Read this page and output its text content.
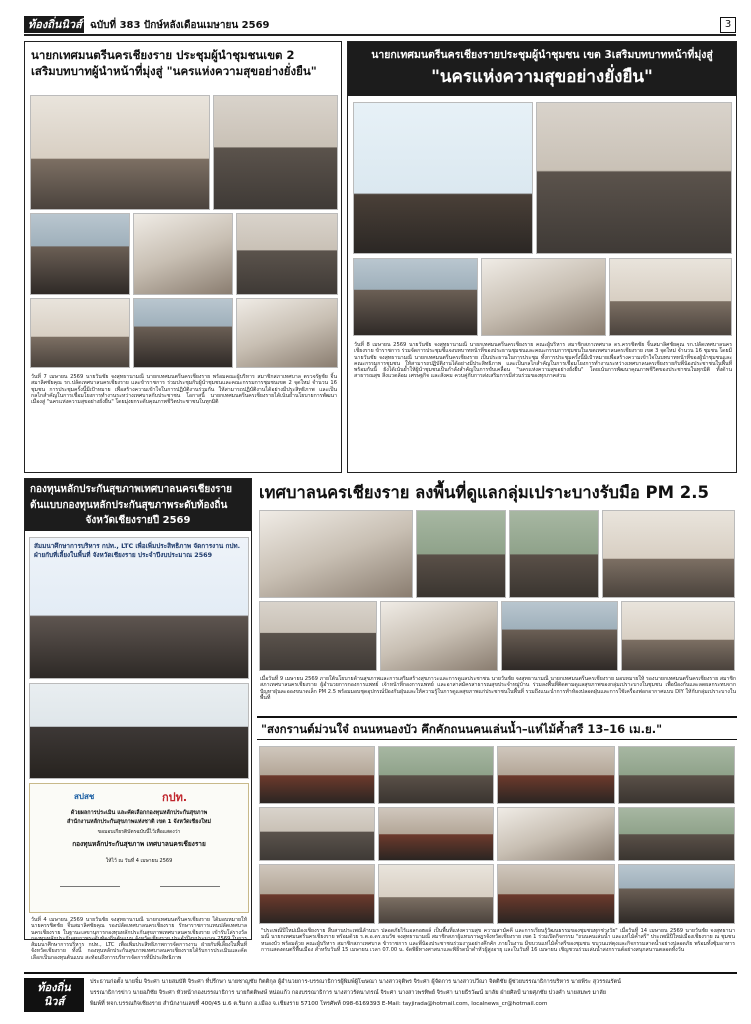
ท้องถิ่นนิวส์ ฉบับที่ 383 ปักษ์หลังเดือนเมษายน 2569	3
นายกเทศมนตรีนครเชียงราย ประชุมผู้นำชุมชนเขต 2
เสริมบทบาทผู้นำหน้าที่มุ่งสู่ "นครแห่งความสุขอย่างยั่งยืน"
วันที่ 7 เมษายน 2569 นายวันชัย จงสุทธานามณี นายกเทศมนตรีนครเชียงราย พร้อมคณะผู้บริหาร สมาชิกสภาเทศบาล ตรวจรัฐชัย จิ้นสมาลิศชัยคุณ รก.ปลัดเทศบาลนครเชียงราย และข้าราชการ ร่วมประชุมกับผู้นำชุมชนและคณะกรรมการชุมชนเขต 2 จุดใหม่ จำนวน 16 ชุมชน การประชุมครั้งนี้มีเป้าหมาย เพื่อสร้างความเข้าใจในการปฏิบัติงานร่วมกัน ให้สามารถปฏิบัติงานได้อย่างมีประสิทธิภาพ และเป็นกลไกสำคัญในการเชื่อมโยงการทำงานระหว่างเทศบาลกับประชาชน โอกาสนี้ นายกเทศมนตรีนครเชียงรายได้เน้นย้ำนโยบายการพัฒนาเมืองสู่ "นครแห่งความสุขอย่างยั่งยืน" โดยมุ่งยกระดับคุณภาพชีวิตประชาชนในทุกมิติ
นายกเทศมนตรีนครเชียงรายประชุมผู้นำชุมชน เขต 3เสริมบทบาทหน้าที่มุ่งสู่
"นครแห่งความสุขอย่างยั่งยืน"
วันที่ 8 เมษายน 2569 นายวันชัย จงสุทธานามณี นายกเทศมนตรีนครเชียงราย คณะผู้บริหาร สมาชิกสภาเทศบาล ดร.ครรชิตชัย จิ้นสมาลิศชัยคุณ รก.ปลัดเทศบาลนครเชียงราย ข้าราชการ ร่วมจัดการประชุมชี้แจงบทบาทหน้าที่ของประธานชุมชนและคณะกรรมการชุมชนในเขตเทศบาลนครเชียงราย เขต 3 จุดใหม่ จำนวน 16 ชุมชน โดยมี นายวันชัย จงสุทธานามณี นายกเทศมนตรีนครเชียงราย เป็นประธานในการประชุม ทั้งการประชุมครั้งนี้มีเป้าหมายเพื่อสร้างความเข้าใจในบทบาทหน้าที่ของผู้นำชุมชนและคณะกรรมการชุมชน ให้สามารถปฏิบัติงานได้อย่างมีประสิทธิภาพ และเป็นกลไกสำคัญในการเชื่อมโยงการทำงานระหว่างเทศบาลนครเชียงรายกับพี่น้องประชาชนในพื้นที่ พร้อมกันนี้ ยังได้เน้นย้ำให้ผู้นำชุมชนเป็นกำลังสำคัญในการขับเคลื่อน "นครแห่งความสุขอย่างยั่งยืน" โดยเน้นการพัฒนาคุณภาพชีวิตของประชาชนในทุกมิติ ทั้งด้านสาธารณสุข สิ่งแวดล้อม เศรษฐกิจ และสังคม ควบคู่กับการส่งเสริมการมีส่วนร่วมของทุกภาคส่วน
กองทุนหลักประกันสุขภาพเทศบาลนครเชียงราย
ต้นแบบกองทุนหลักประกันสุขภาพระดับท้องถิ่น
จังหวัดเชียงรายปี 2569
สัมมนาศึกษาการบริหาร กปท., LTC เพื่อเพิ่มประสิทธิภาพ จัดการงาน กปท. ฝ่ายกับที่เลี้ยงในพื้นที่ จังหวัดเชียงราย ประจำปีงบประมาณ 2569
สปสช	กปท.
ด้วยผลการประเมิน และคัดเลือกกองทุนหลักประกันสุขภาพ
สำนักงานหลักประกันสุขภาพแห่งชาติ เขต 1 จังหวัดเชียงใหม่
ขอมอบเกียรติบัตรฉบับนี้ไว้เพื่อแสดงว่า
กองทุนหลักประกันสุขภาพ เทศบาลนครเชียงราย
ให้ไว้ ณ วันที่ 4 เมษายน 2569
วันที่ 4 เมษายน 2569 นายวันชัย จงสุทธานามณี นายกเทศมนตรีนครเชียงราย ได้มอบหมายให้ นายครรชิตชัย จิ้นสมาลิศชัยคุณ รองปลัดเทศบาลนครเชียงราย รักษาราชการแทนปลัดเทศบาลนครเชียงราย ในฐานะเลขานุการกองทุนหลักประกันสุขภาพเทศบาลนครเชียงราย เข้ารับโล่รางวัลกองทุนหลักประกันสุขภาพระดับท้องถิ่นต้นแบบ จังหวัดเชียงราย ประจำปีงบประมาณ 2569 ในการสัมมนาศึกษาการบริหาร กปท., LTC เพื่อเพิ่มประสิทธิภาพการจัดการงาน ฝ่ายกับพี่เลี้ยงในพื้นที่ จังหวัดเชียงราย ทั้งนี้ กองทุนหลักประกันสุขภาพเทศบาลนครเชียงรายได้รับการประเมินและคัดเลือกเป็นกองทุนต้นแบบ สะท้อนถึงการบริหารจัดการที่มีประสิทธิภาพ
เทศบาลนครเชียงราย ลงพื้นที่ดูแลกลุ่มเปราะบางรับมือ PM 2.5
เมื่อวันที่ 9 เมษายน 2569 ภายใต้นโยบายด้านสุขภาพและการเสริมสร้างสุขภาวะและการดูแลประชาชน นายวันชัย จงสุทธานามณี นายกเทศมนตรีนครเชียงราย มอบหมายให้ รองนายกเทศมนตรีนครเชียงราย สมาชิกสภาเทศบาลนครเชียงราย ผู้อำนวยการกองการแพทย์ เจ้าหน้าที่กองการแพทย์ และอาสาสมัครสาธารณสุขประจำหมู่บ้าน ร่วมลงพื้นที่ติดตามดูแลสุขภาพของกลุ่มเปราะบางในชุมชน เพื่อป้องกันและลดผลกระทบจากปัญหาฝุ่นละอองขนาดเล็ก PM 2.5 พร้อมมอบชุดอุปกรณ์ป้องกันฝุ่นและให้ความรู้ในการดูแลสุขภาพแก่ประชาชนในพื้นที่ รวมถึงแนะนำการทำห้องปลอดฝุ่นและการใช้เครื่องฟอกอากาศแบบ DIY ให้กับกลุ่มเปราะบางในพื้นที่
"สงกรานต์ม่วนใจ๋ ถนนหนองบัว คึกคักถนนคนเล่นน้ำ–แห่ไม้ค้ำสรี 13–16 เม.ย."
"ประเพณีปีใหม่เมืองเชียงราย สืบสานประเพณีล้านนา ปลอดภัยไร้แอลกอฮอล์ เป็นพื้นที่แห่งความสุข ความสามัคคี และการเรียนรู้วัฒนธรรมของชุมชนทุกช่วงวัย" เมื่อวันที่ 14 เมษายน 2569 นายวันชัย จงสุทธานามณี นายกเทศมนตรีนครเชียงราย พร้อมด้วย ร.ต.อ.ดร.ธนวัช จงสุทธานามณี สมาชิกสภาผู้แทนราษฎรจังหวัดเชียงราย เขต 1 ร่วมเปิดกิจกรรม "ถนนคนเล่นน้ำ และแห่ไม้ค้ำสรี" ประเพณีปีใหม่เมืองเชียงราย ณ ชุมชนหนองบัว พร้อมด้วย คณะผู้บริหาร สมาชิกสภาเทศบาล ข้าราชการ และพี่น้องประชาชนร่วมงานอย่างคึกคัก ภายในงาน มีขบวนแห่ไม้ค้ำสรีของชุมชน ขบวนแห่ตุงและกิจกรรมสาดน้ำอย่างปลอดภัย พร้อมทั้งซุ้มอาหาร การแสดงดนตรีพื้นเมือง สำหรับวันที่ 15 เมษายน เวลา 07.00 น. จัดพิธีทางศาสนาและพิธีรดน้ำดำหัวผู้สูงอายุ และในวันที่ 16 เมษายน เชิญชวนร่วมเล่นน้ำสงกรานต์อย่างสนุกสนานตลอดทั้งวัน
ท้องถิ่น
นิวส์
ประธานก่อตั้ง นายจิ๋ม จิระศา นายสมบัติ จิระศา ที่ปรึกษา นายชาญชัย กิตติกุล ผู้อำนวยการ-บรรณาธิการผู้พิมพ์ผู้โฆษณา นางสาวจุติพร จิระศา ผู้จัดการ นางสาวปวีณา จิตติชัย ผู้ช่วยบรรณาธิการบริหาร นายพีระ สุวรรณรัตน์
บรรณาธิการข่าว นายอภิชัย จิระศา หัวหน้ากองบรรณาธิการ นายกิตติพงษ์ หน่อแก้ว กองบรรณาธิการ นางสาวรัตนาภรณ์ จิระศา นางสาวพรทิพย์ จิระศา นายธีรวัฒน์ มาลัย ฝ่ายศิลป์ นายศุภชัย ปวงคำ นายสมพร มาลัย
พิมพ์ที่ หจก.บรรณกิจเชียงราย สำนักงานเลขที่ 400/45 ม.6 ต.ริมกก อ.เมือง จ.เชียงราย 57100 โทรศัพท์ 098-6169393 E-Mail: tayjirada@hotmail.com, localnews_cr@hotmail.com
